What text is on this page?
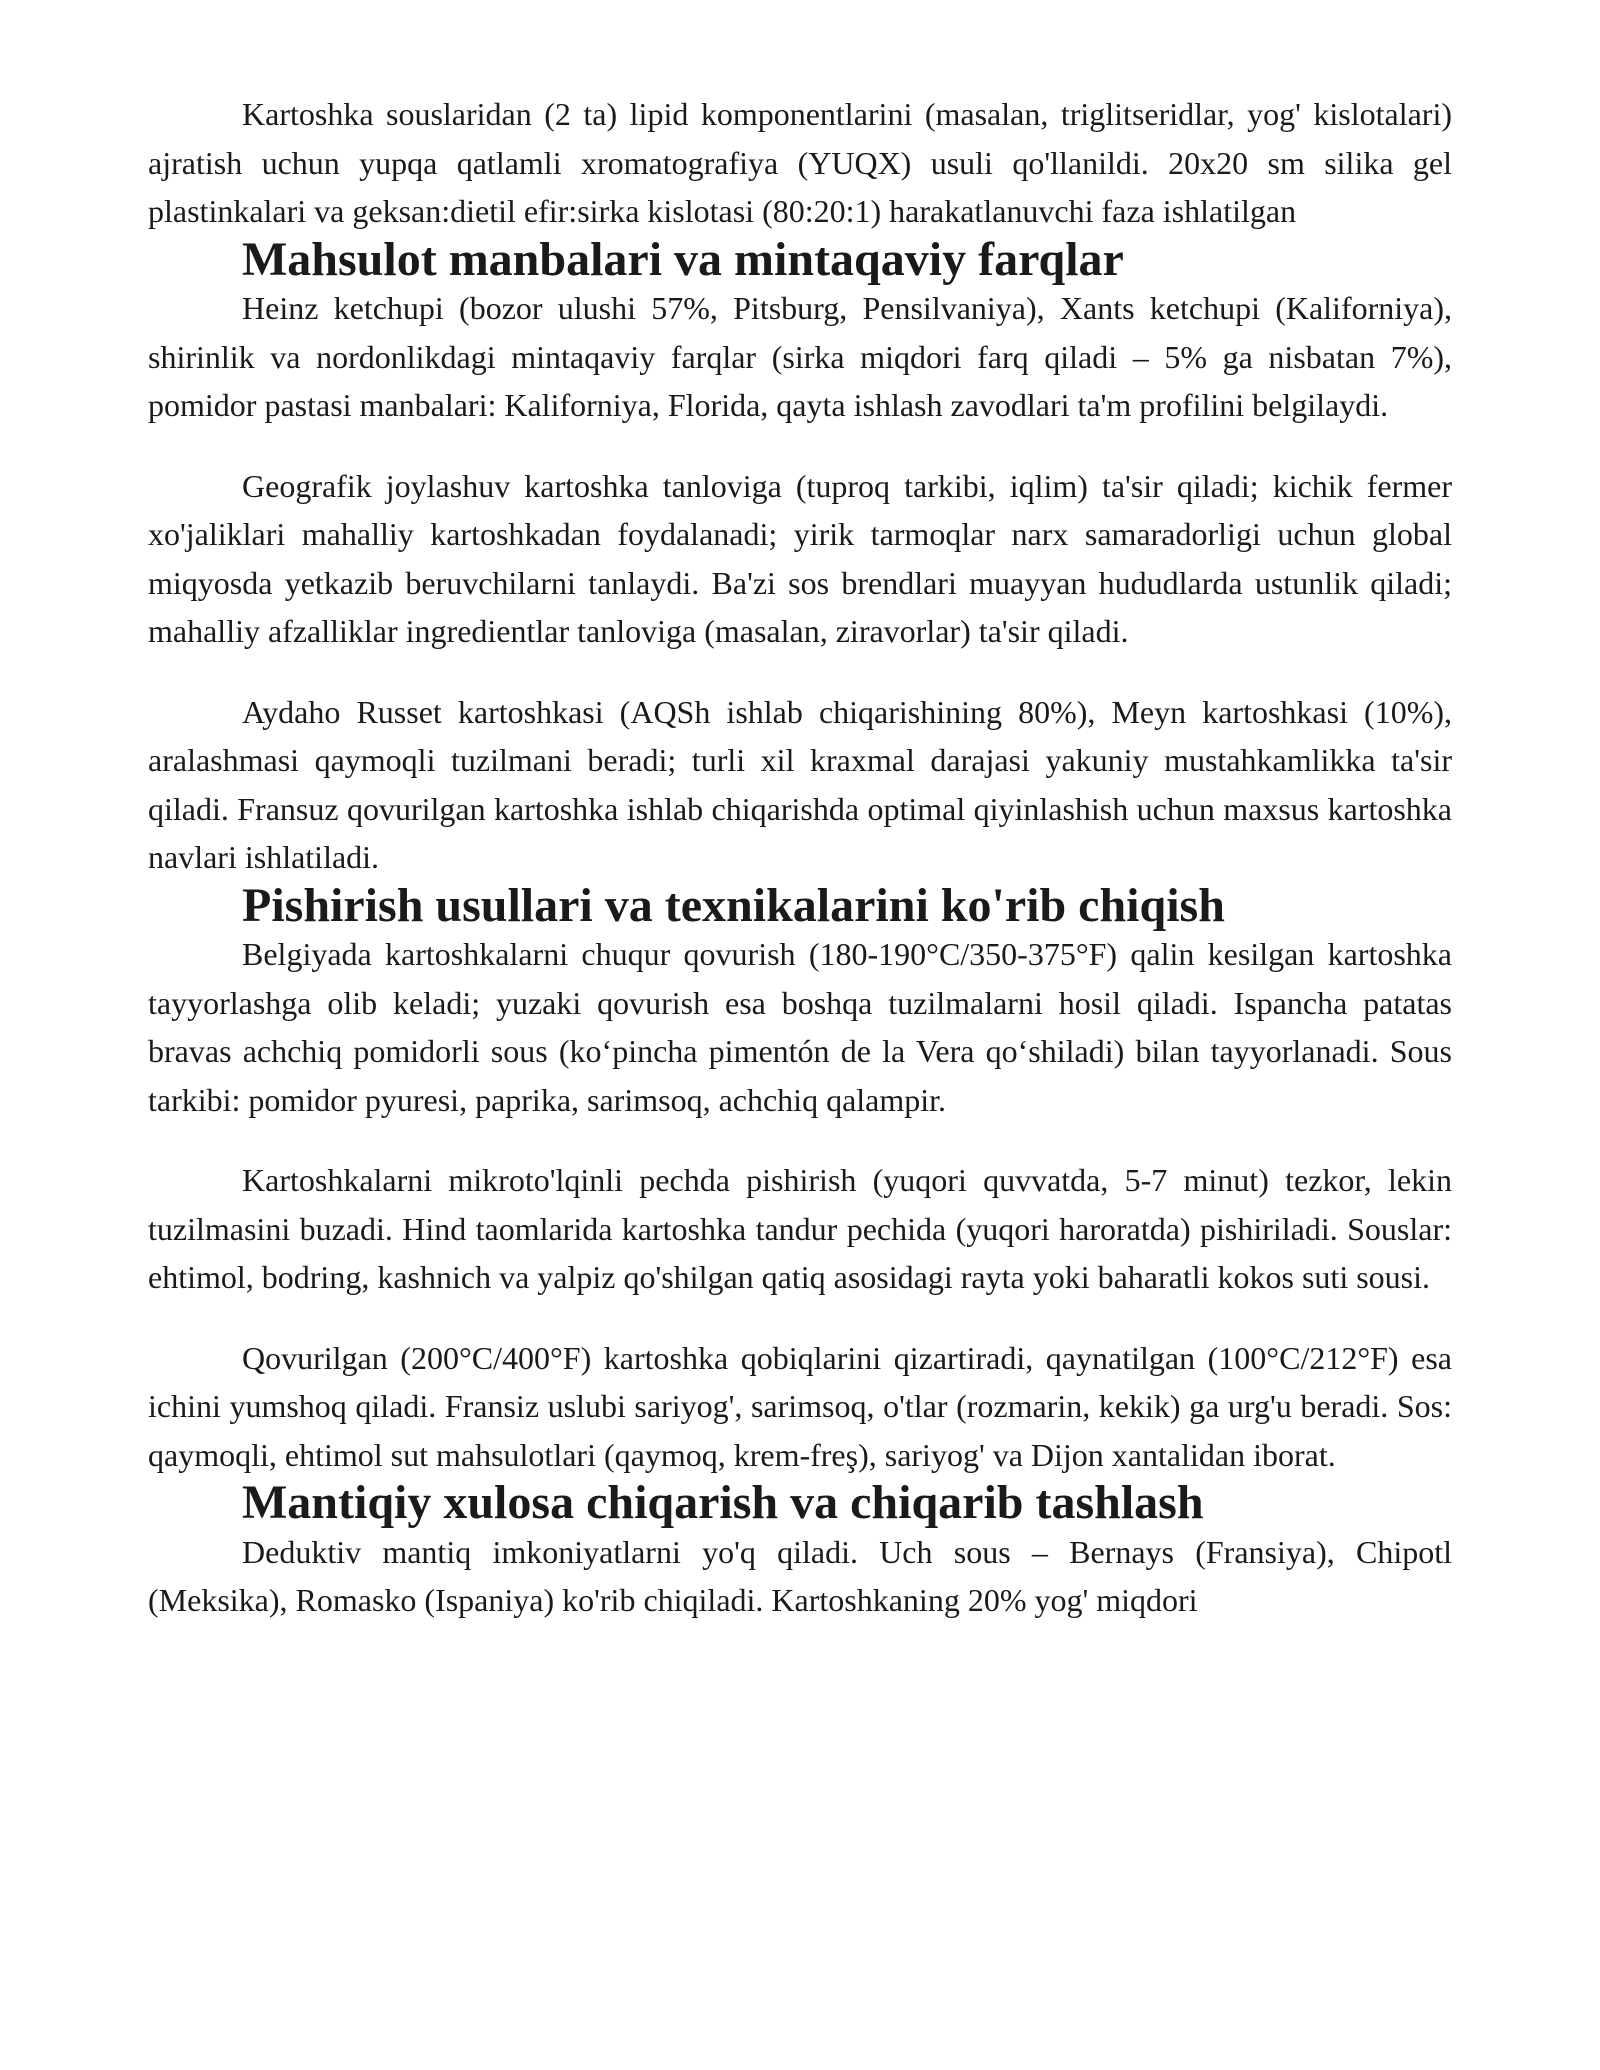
Kartoshka souslaridan (2 ta) lipid komponentlarini (masalan, triglitseridlar, yog' kislotalari) ajratish uchun yupqa qatlamli xromatografiya (YUQX) usuli qo'llanildi. 20x20 sm silika gel plastinkalari va geksan:dietil efir:sirka kislotasi (80:20:1) harakatlanuvchi faza ishlatilgan

Mahsulot manbalari va mintaqaviy farqlar

Heinz ketchupi (bozor ulushi 57%, Pitsburg, Pensilvaniya), Xants ketchupi (Kaliforniya), shirinlik va nordonlikdagi mintaqaviy farqlar (sirka miqdori farq qiladi – 5% ga nisbatan 7%), pomidor pastasi manbalari: Kaliforniya, Florida, qayta ishlash zavodlari ta'm profilini belgilaydi.

Geografik joylashuv kartoshka tanloviga (tuproq tarkibi, iqlim) ta'sir qiladi; kichik fermer xo'jaliklari mahalliy kartoshkadan foydalanadi; yirik tarmoqlar narx samaradorligi uchun global miqyosda yetkazib beruvchilarni tanlaydi. Ba'zi sos brendlari muayyan hududlarda ustunlik qiladi; mahalliy afzalliklar ingredientlar tanloviga (masalan, ziravorlar) ta'sir qiladi.

Aydaho Russet kartoshkasi (AQSh ishlab chiqarishining 80%), Meyn kartoshkasi (10%), aralashmasi qaymoqli tuzilmani beradi; turli xil kraxmal darajasi yakuniy mustahkamlikka ta'sir qiladi. Fransuz qovurilgan kartoshka ishlab chiqarishda optimal qiyinlashish uchun maxsus kartoshka navlari ishlatiladi.

Pishirish usullari va texnikalarini ko'rib chiqish

Belgiyada kartoshkalarni chuqur qovurish (180-190°C/350-375°F) qalin kesilgan kartoshka tayyorlashga olib keladi; yuzaki qovurish esa boshqa tuzilmalarni hosil qiladi. Ispancha patatas bravas achchiq pomidorli sous (koʻpincha pimentón de la Vera qoʻshiladi) bilan tayyorlanadi. Sous tarkibi: pomidor pyuresi, paprika, sarimsoq, achchiq qalampir.

Kartoshkalarni mikroto'lqinli pechda pishirish (yuqori quvvatda, 5-7 minut) tezkor, lekin tuzilmasini buzadi. Hind taomlarida kartoshka tandur pechida (yuqori haroratda) pishiriladi. Souslar: ehtimol, bodring, kashnich va yalpiz qo'shilgan qatiq asosidagi rayta yoki baharatli kokos suti sousi.

Qovurilgan (200°C/400°F) kartoshka qobiqlarini qizartiradi, qaynatilgan (100°C/212°F) esa ichini yumshoq qiladi. Fransiz uslubi sariyog', sarimsoq, o'tlar (rozmarin, kekik) ga urg'u beradi. Sos: qaymoqli, ehtimol sut mahsulotlari (qaymoq, krem-freş), sariyog' va Dijon xantalidan iborat.

Mantiqiy xulosa chiqarish va chiqarib tashlash

Deduktiv mantiq imkoniyatlarni yo'q qiladi. Uch sous – Bernays (Fransiya), Chipotl (Meksika), Romasko (Ispaniya) ko'rib chiqiladi. Kartoshkaning 20% yog' miqdori
